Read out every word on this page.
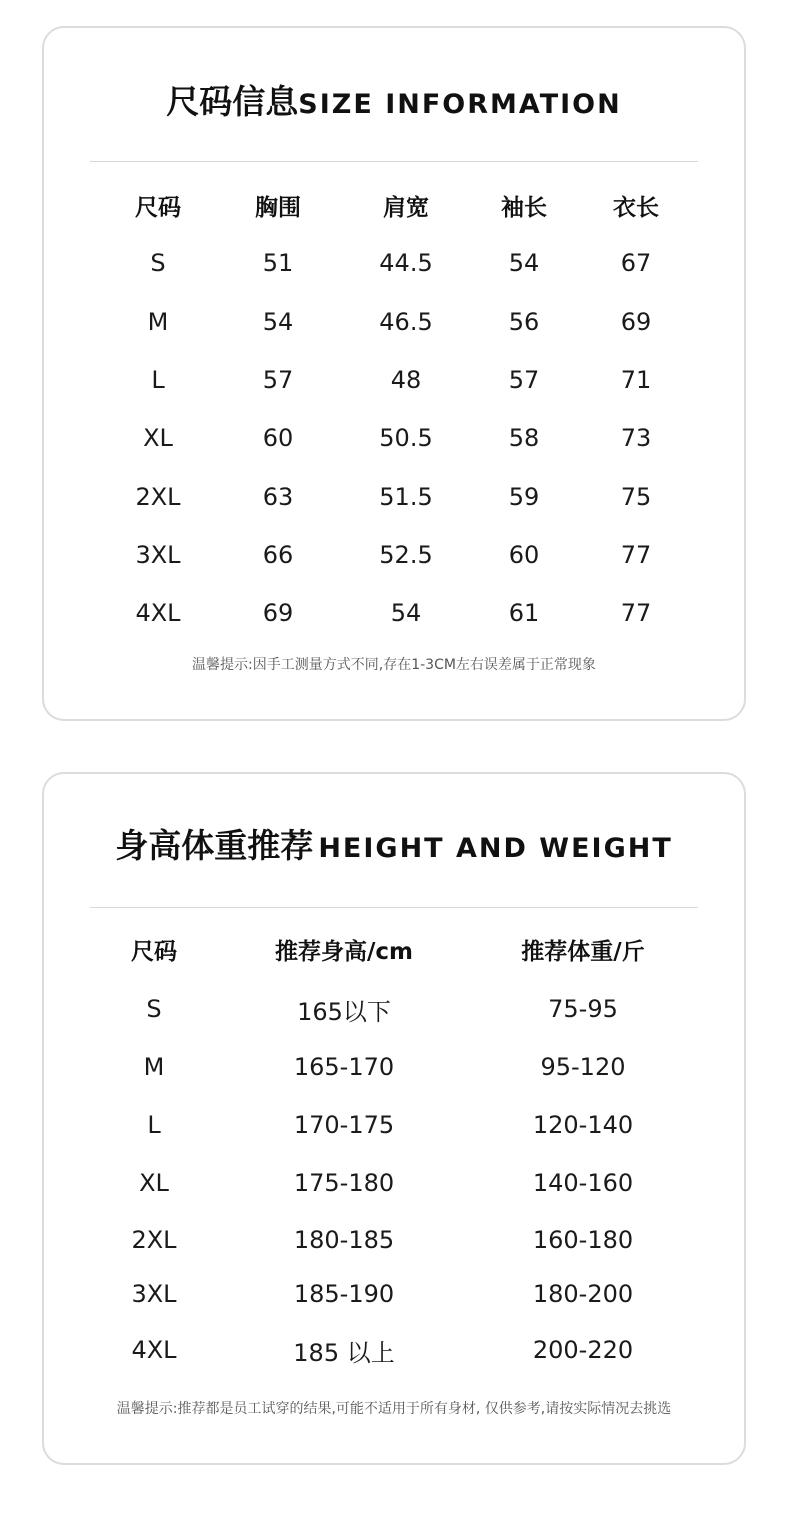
尺码信息SIZE INFORMATION
尺码	胸围	肩宽	袖长	衣长
S	51	44.5	54	67
M	54	46.5	56	69
L	57	48	57	71
XL	60	50.5	58	73
2XL	63	51.5	59	75
3XL	66	52.5	60	77
4XL	69	54	61	77
温馨提示:因手工测量方式不同,存在1-3CM左右误差属于正常现象
身高体重推荐 HEIGHT AND WEIGHT
尺码	推荐身高/cm	推荐体重/斤
S	165以下	75-95
M	165-170	95-120
L	170-175	120-140
XL	175-180	140-160
2XL	180-185	160-180
3XL	185-190	180-200
4XL	185 以上	200-220
温馨提示:推荐都是员工试穿的结果,可能不适用于所有身材, 仅供参考,请按实际情况去挑选
